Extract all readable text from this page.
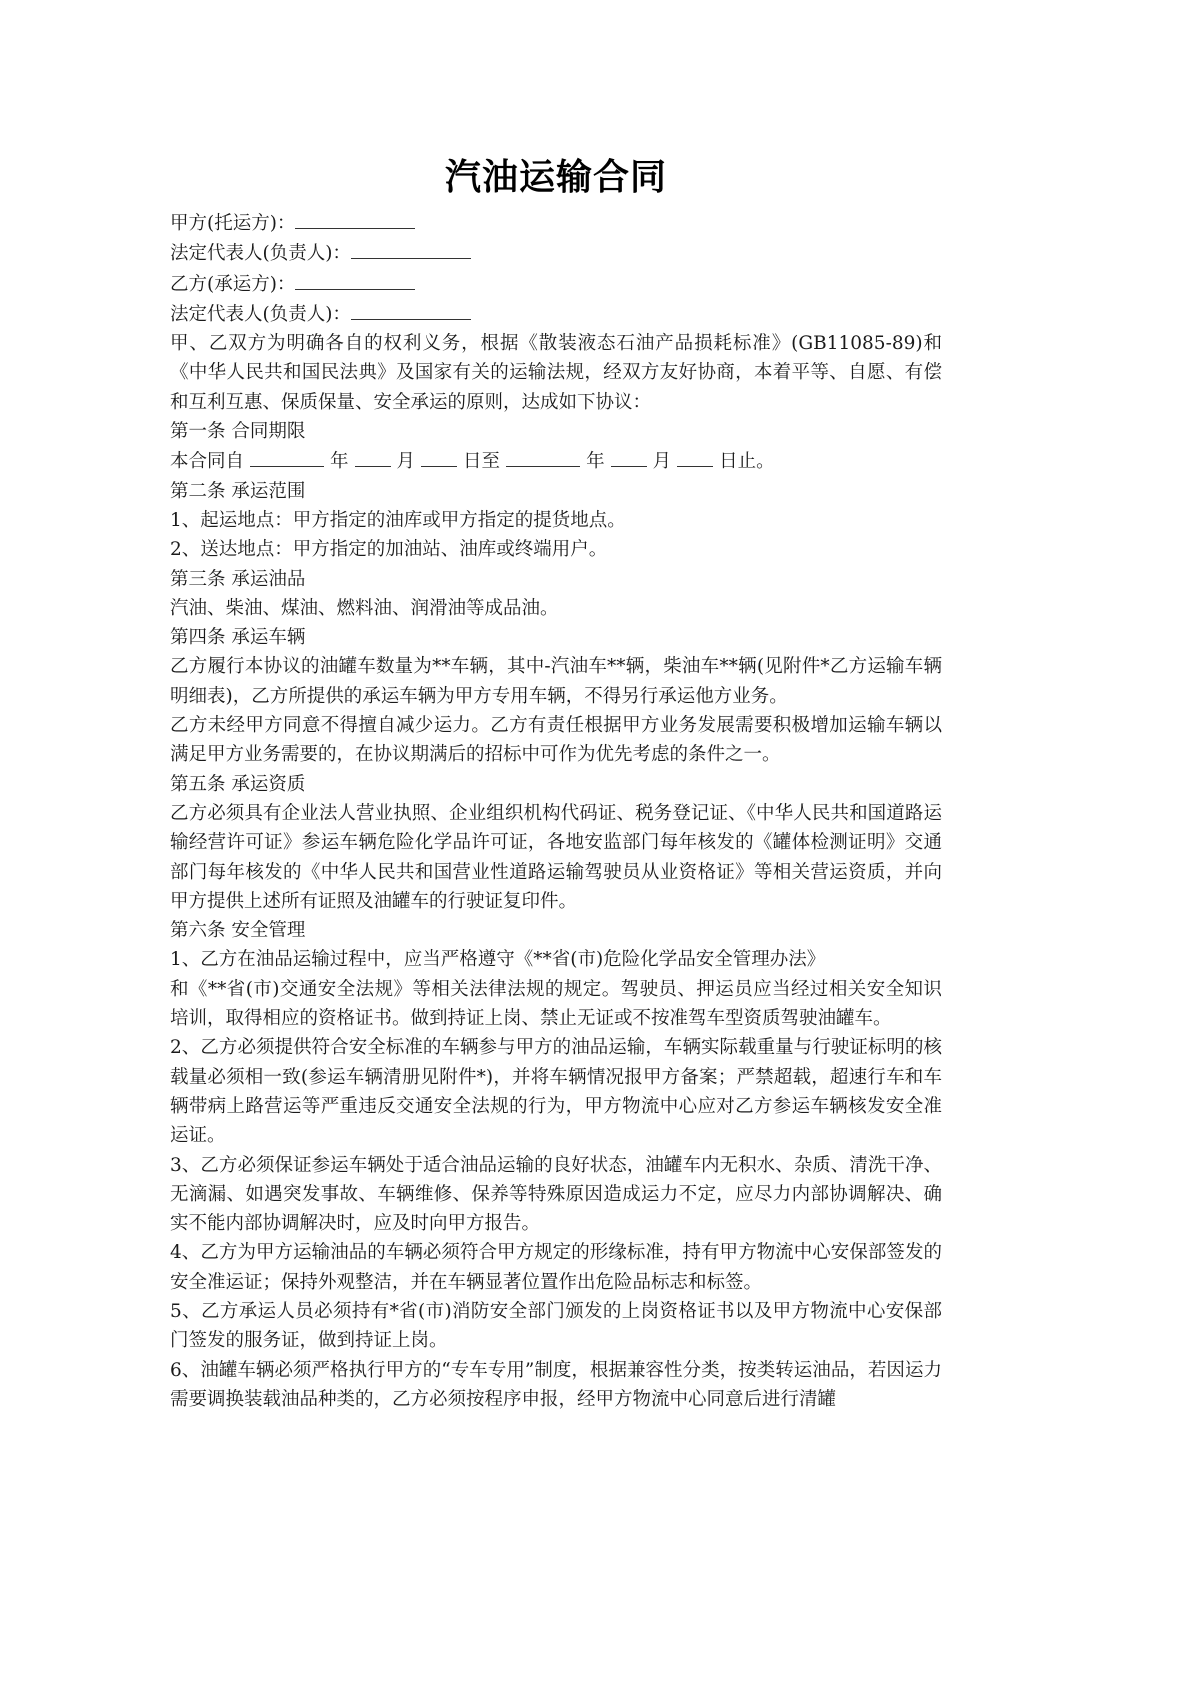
汽油运输合同

甲方(托运方)：

法定代表人(负责人)：

乙方(承运方)：

法定代表人(负责人)：

甲、乙双方为明确各自的权利义务，根据《散装液态石油产品损耗标准》(GB11085-89)和《中华人民共和国民法典》及国家有关的运输法规，经双方友好协商，本着平等、自愿、有偿和互利互惠、保质保量、安全承运的原则，达成如下协议：

第一条 合同期限

本合同自	年	月	日至	年	月	日止。

第二条 承运范围

1、起运地点：甲方指定的油库或甲方指定的提货地点。

2、送达地点：甲方指定的加油站、油库或终端用户。

第三条 承运油品

汽油、柴油、煤油、燃料油、润滑油等成品油。

第四条 承运车辆

乙方履行本协议的油罐车数量为**车辆，其中-汽油车**辆，柴油车**辆(见附件*乙方运输车辆明细表)，乙方所提供的承运车辆为甲方专用车辆，不得另行承运他方业务。

乙方未经甲方同意不得擅自减少运力。乙方有责任根据甲方业务发展需要积极增加运输车辆以满足甲方业务需要的，在协议期满后的招标中可作为优先考虑的条件之一。

第五条 承运资质

乙方必须具有企业法人营业执照、企业组织机构代码证、税务登记证、《中华人民共和国道路运输经营许可证》参运车辆危险化学品许可证，各地安监部门每年核发的《罐体检测证明》交通部门每年核发的《中华人民共和国营业性道路运输驾驶员从业资格证》等相关营运资质，并向甲方提供上述所有证照及油罐车的行驶证复印件。

第六条 安全管理

1、乙方在油品运输过程中，应当严格遵守《**省(市)危险化学品安全管理办法》

和《**省(市)交通安全法规》等相关法律法规的规定。驾驶员、押运员应当经过相关安全知识培训，取得相应的资格证书。做到持证上岗、禁止无证或不按准驾车型资质驾驶油罐车。

2、乙方必须提供符合安全标准的车辆参与甲方的油品运输，车辆实际载重量与行驶证标明的核载量必须相一致(参运车辆清册见附件*)，并将车辆情况报甲方备案；严禁超载，超速行车和车辆带病上路营运等严重违反交通安全法规的行为，甲方物流中心应对乙方参运车辆核发安全准运证。

3、乙方必须保证参运车辆处于适合油品运输的良好状态，油罐车内无积水、杂质、清洗干净、无滴漏、如遇突发事故、车辆维修、保养等特殊原因造成运力不定，应尽力内部协调解决、确实不能内部协调解决时，应及时向甲方报告。

4、乙方为甲方运输油品的车辆必须符合甲方规定的形缘标准，持有甲方物流中心安保部签发的安全准运证；保持外观整洁，并在车辆显著位置作出危险品标志和标签。

5、乙方承运人员必须持有*省(市)消防安全部门颁发的上岗资格证书以及甲方物流中心安保部门签发的服务证，做到持证上岗。

6、油罐车辆必须严格执行甲方的“专车专用”制度，根据兼容性分类，按类转运油品，若因运力需要调换装载油品种类的，乙方必须按程序申报，经甲方物流中心同意后进行清罐
